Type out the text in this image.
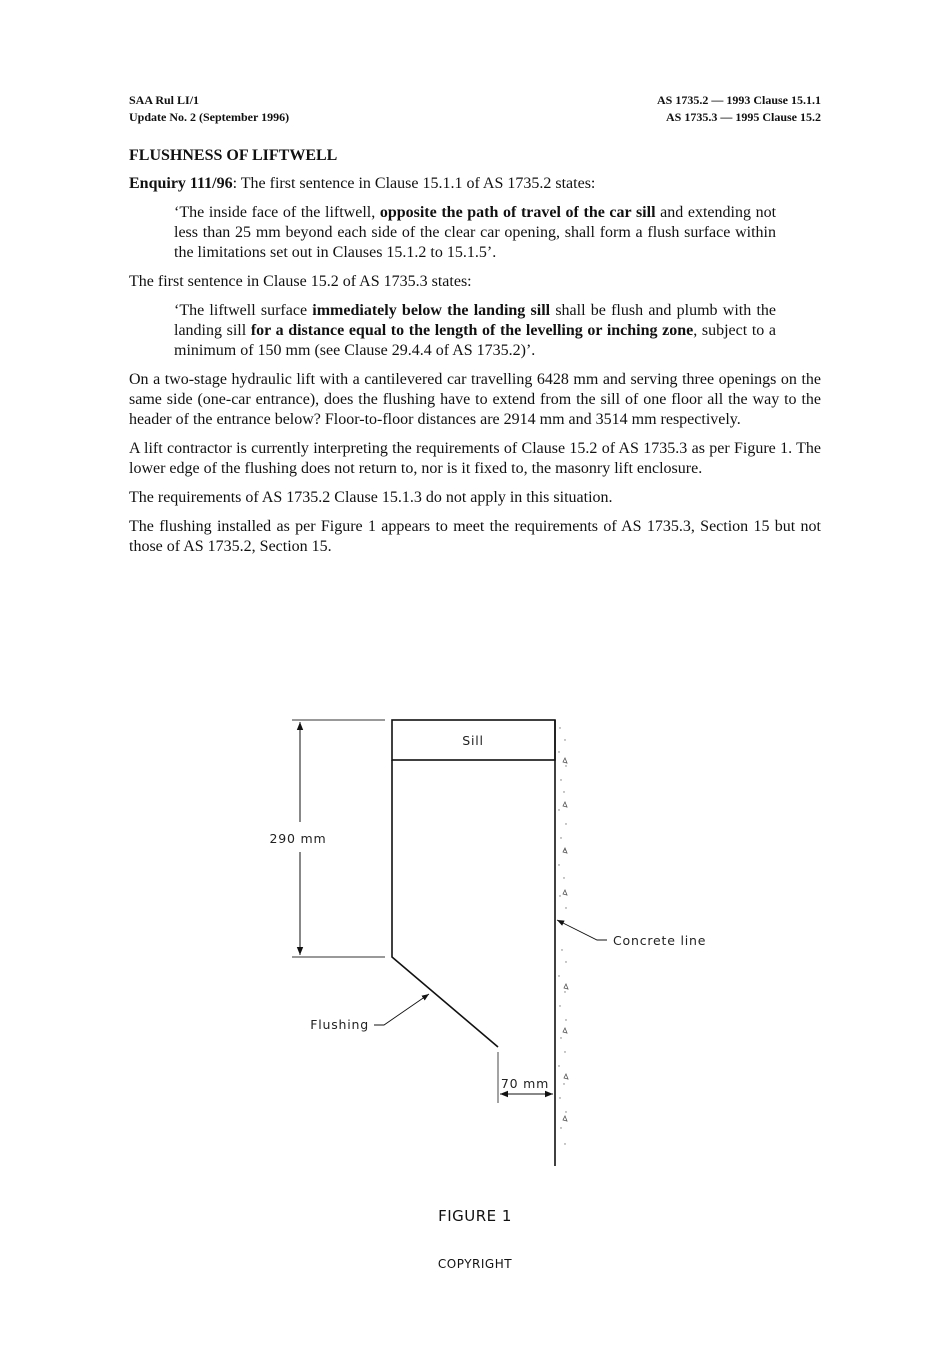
SAA Rul LI/1
Update No. 2 (September 1996)
AS 1735.2 — 1993 Clause 15.1.1
AS 1735.3 — 1995 Clause 15.2
FLUSHNESS OF LIFTWELL

Enquiry 111/96: The first sentence in Clause 15.1.1 of AS 1735.2 states:

‘The inside face of the liftwell, opposite the path of travel of the car sill and extending not less than 25 mm beyond each side of the clear car opening, shall form a flush surface within the limitations set out in Clauses 15.1.2 to 15.1.5’.

The first sentence in Clause 15.2 of AS 1735.3 states:

‘The liftwell surface immediately below the landing sill shall be flush and plumb with the landing sill for a distance equal to the length of the levelling or inching zone, subject to a minimum of 150 mm (see Clause 29.4.4 of AS 1735.2)’.

On a two-stage hydraulic lift with a cantilevered car travelling 6428 mm and serving three openings on the same side (one-car entrance), does the flushing have to extend from the sill of one floor all the way to the header of the entrance below? Floor-to-floor distances are 2914 mm and 3514 mm respectively.

A lift contractor is currently interpreting the requirements of Clause 15.2 of AS 1735.3 as per Figure 1. The lower edge of the flushing does not return to, nor is it fixed to, the masonry lift enclosure.

The requirements of AS 1735.2 Clause 15.1.3 do not apply in this situation.

The flushing installed as per Figure 1 appears to meet the requirements of AS 1735.3, Section 15 but not those of AS 1735.2, Section 15.

Sill
290 mm
Concrete line
Flushing
70 mm
FIGURE 1
COPYRIGHT
